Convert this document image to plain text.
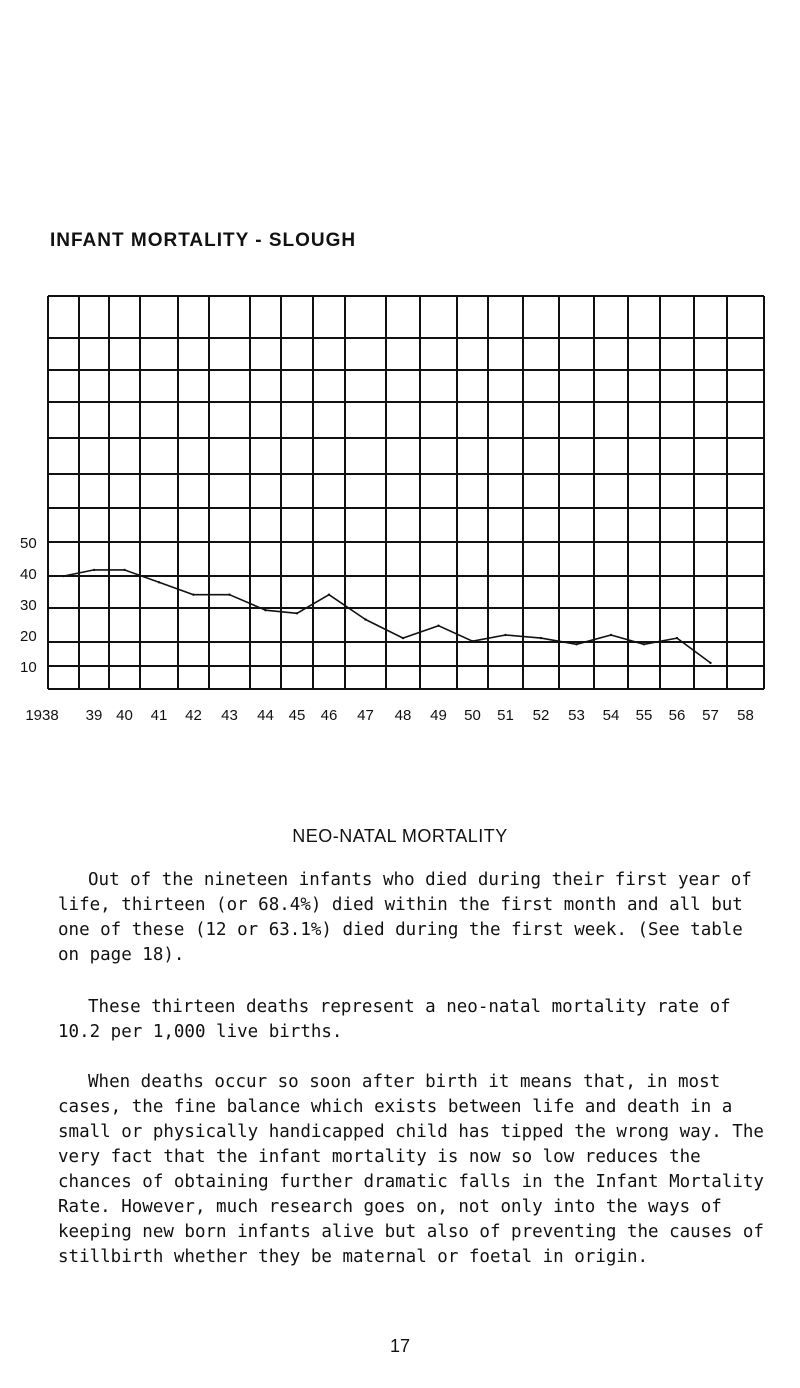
INFANT MORTALITY - SLOUGH
50
40
30
20
10
1938 39 40 41 42 43 44 45 46 47 48 49 50 51 52 53 54 55 56 57 58
NEO-NATAL MORTALITY

Out of the nineteen infants who died during their first year of life, thirteen (or 68.4%) died within the first month and all but one of these (12 or 63.1%) died during the first week. (See table on page 18).

These thirteen deaths represent a neo-natal mortality rate of 10.2 per 1,000 live births.

When deaths occur so soon after birth it means that, in most cases, the fine balance which exists between life and death in a small or physically handicapped child has tipped the wrong way. The very fact that the infant mortality is now so low reduces the chances of obtaining further dramatic falls in the Infant Mortality Rate. However, much research goes on, not only into the ways of keeping new born infants alive but also of preventing the causes of stillbirth whether they be maternal or foetal in origin.

17
